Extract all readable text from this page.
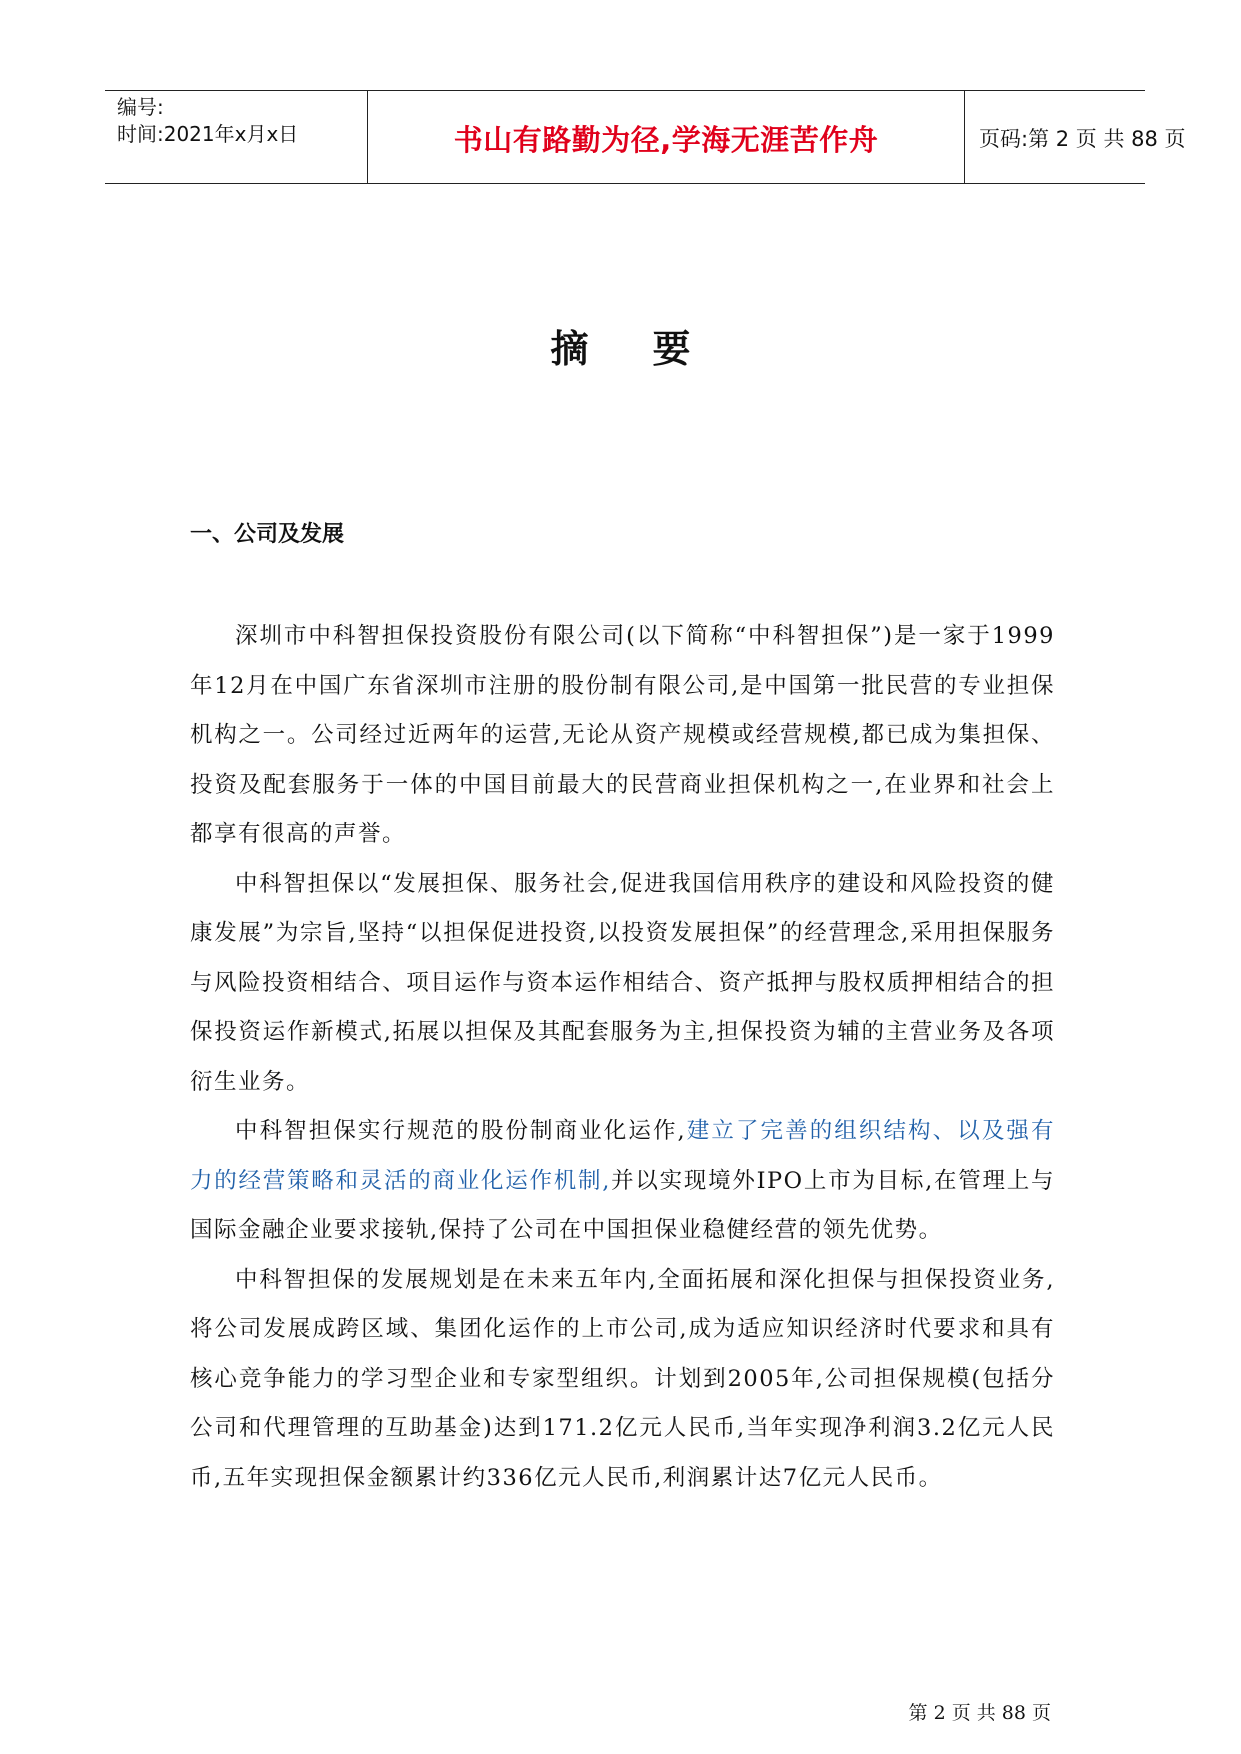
编号:
时间:2021年x月x日	书山有路勤为径,学海无涯苦作舟	页码:第 2 页 共 88 页
摘要
一、公司及发展

深圳市中科智担保投资股份有限公司(以下简称“中科智担保”)是一家于1999年12月在中国广东省深圳市注册的股份制有限公司,是中国第一批民营的专业担保机构之一。公司经过近两年的运营,无论从资产规模或经营规模,都已成为集担保、投资及配套服务于一体的中国目前最大的民营商业担保机构之一,在业界和社会上都享有很高的声誉。

中科智担保以“发展担保、服务社会,促进我国信用秩序的建设和风险投资的健康发展”为宗旨,坚持“以担保促进投资,以投资发展担保”的经营理念,采用担保服务与风险投资相结合、项目运作与资本运作相结合、资产抵押与股权质押相结合的担保投资运作新模式,拓展以担保及其配套服务为主,担保投资为辅的主营业务及各项衍生业务。

中科智担保实行规范的股份制商业化运作,建立了完善的组织结构、以及强有力的经营策略和灵活的商业化运作机制,并以实现境外IPO上市为目标,在管理上与国际金融企业要求接轨,保持了公司在中国担保业稳健经营的领先优势。

中科智担保的发展规划是在未来五年内,全面拓展和深化担保与担保投资业务,将公司发展成跨区域、集团化运作的上市公司,成为适应知识经济时代要求和具有核心竞争能力的学习型企业和专家型组织。计划到2005年,公司担保规模(包括分公司和代理管理的互助基金)达到171.2亿元人民币,当年实现净利润3.2亿元人民币,五年实现担保金额累计约336亿元人民币,利润累计达7亿元人民币。

第 2 页 共 88 页
